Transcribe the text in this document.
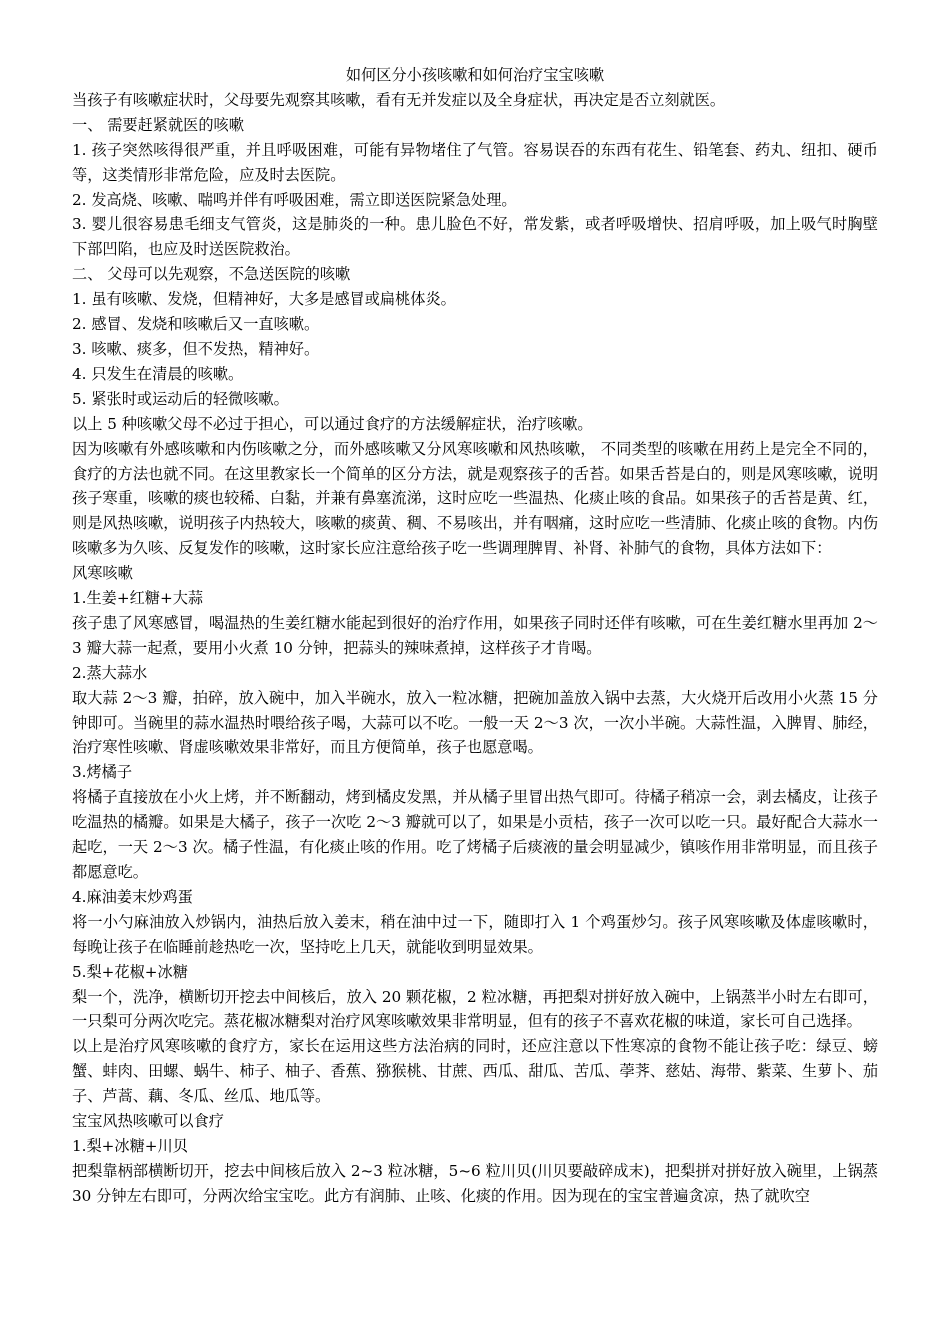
如何区分小孩咳嗽和如何治疗宝宝咳嗽
当孩子有咳嗽症状时，父母要先观察其咳嗽，看有无并发症以及全身症状，再决定是否立刻就医。
一、 需要赶紧就医的咳嗽
1. 孩子突然咳得很严重，并且呼吸困难，可能有异物堵住了气管。容易误吞的东西有花生、铅笔套、药丸、纽扣、硬币等，这类情形非常危险，应及时去医院。
2. 发高烧、咳嗽、喘鸣并伴有呼吸困难，需立即送医院紧急处理。
3. 婴儿很容易患毛细支气管炎，这是肺炎的一种。患儿脸色不好，常发紫，或者呼吸增快、招肩呼吸，加上吸气时胸壁下部凹陷，也应及时送医院救治。
二、 父母可以先观察，不急送医院的咳嗽
1. 虽有咳嗽、发烧，但精神好，大多是感冒或扁桃体炎。
2. 感冒、发烧和咳嗽后又一直咳嗽。
3. 咳嗽、痰多，但不发热，精神好。
4. 只发生在清晨的咳嗽。
5. 紧张时或运动后的轻微咳嗽。
以上 5 种咳嗽父母不必过于担心，可以通过食疗的方法缓解症状，治疗咳嗽。
因为咳嗽有外感咳嗽和内伤咳嗽之分，而外感咳嗽又分风寒咳嗽和风热咳嗽， 不同类型的咳嗽在用药上是完全不同的，食疗的方法也就不同。在这里教家长一个简单的区分方法，就是观察孩子的舌苔。如果舌苔是白的，则是风寒咳嗽，说明孩子寒重，咳嗽的痰也较稀、白黏，并兼有鼻塞流涕，这时应吃一些温热、化痰止咳的食品。如果孩子的舌苔是黄、红，则是风热咳嗽，说明孩子内热较大，咳嗽的痰黄、稠、不易咳出，并有咽痛，这时应吃一些清肺、化痰止咳的食物。内伤咳嗽多为久咳、反复发作的咳嗽，这时家长应注意给孩子吃一些调理脾胃、补肾、补肺气的食物，具体方法如下：
风寒咳嗽
1.生姜+红糖+大蒜
孩子患了风寒感冒，喝温热的生姜红糖水能起到很好的治疗作用，如果孩子同时还伴有咳嗽，可在生姜红糖水里再加 2～3 瓣大蒜一起煮，要用小火煮 10 分钟，把蒜头的辣味煮掉，这样孩子才肯喝。
2.蒸大蒜水
取大蒜 2～3 瓣，拍碎，放入碗中，加入半碗水，放入一粒冰糖，把碗加盖放入锅中去蒸，大火烧开后改用小火蒸 15 分钟即可。当碗里的蒜水温热时喂给孩子喝，大蒜可以不吃。一般一天 2～3 次，一次小半碗。大蒜性温，入脾胃、肺经，治疗寒性咳嗽、肾虚咳嗽效果非常好，而且方便简单，孩子也愿意喝。
3.烤橘子
将橘子直接放在小火上烤，并不断翻动，烤到橘皮发黑，并从橘子里冒出热气即可。待橘子稍凉一会，剥去橘皮，让孩子吃温热的橘瓣。如果是大橘子，孩子一次吃 2～3 瓣就可以了，如果是小贡桔，孩子一次可以吃一只。最好配合大蒜水一起吃，一天 2～3 次。橘子性温，有化痰止咳的作用。吃了烤橘子后痰液的量会明显减少，镇咳作用非常明显，而且孩子都愿意吃。
4.麻油姜末炒鸡蛋
将一小勺麻油放入炒锅内，油热后放入姜末，稍在油中过一下，随即打入 1 个鸡蛋炒匀。孩子风寒咳嗽及体虚咳嗽时，每晚让孩子在临睡前趁热吃一次，坚持吃上几天，就能收到明显效果。
5.梨+花椒+冰糖
梨一个，洗净，横断切开挖去中间核后，放入 20 颗花椒，2 粒冰糖，再把梨对拼好放入碗中，上锅蒸半小时左右即可，一只梨可分两次吃完。蒸花椒冰糖梨对治疗风寒咳嗽效果非常明显，但有的孩子不喜欢花椒的味道，家长可自己选择。
以上是治疗风寒咳嗽的食疗方，家长在运用这些方法治病的同时，还应注意以下性寒凉的食物不能让孩子吃：绿豆、螃蟹、蚌肉、田螺、蜗牛、柿子、柚子、香蕉、猕猴桃、甘蔗、西瓜、甜瓜、苦瓜、荸荠、慈姑、海带、紫菜、生萝卜、茄子、芦蒿、藕、冬瓜、丝瓜、地瓜等。
宝宝风热咳嗽可以食疗
1.梨+冰糖+川贝
把梨靠柄部横断切开，挖去中间核后放入 2~3 粒冰糖，5~6 粒川贝(川贝要敲碎成末)，把梨拼对拼好放入碗里，上锅蒸 30 分钟左右即可，分两次给宝宝吃。此方有润肺、止咳、化痰的作用。因为现在的宝宝普遍贪凉，热了就吹空
